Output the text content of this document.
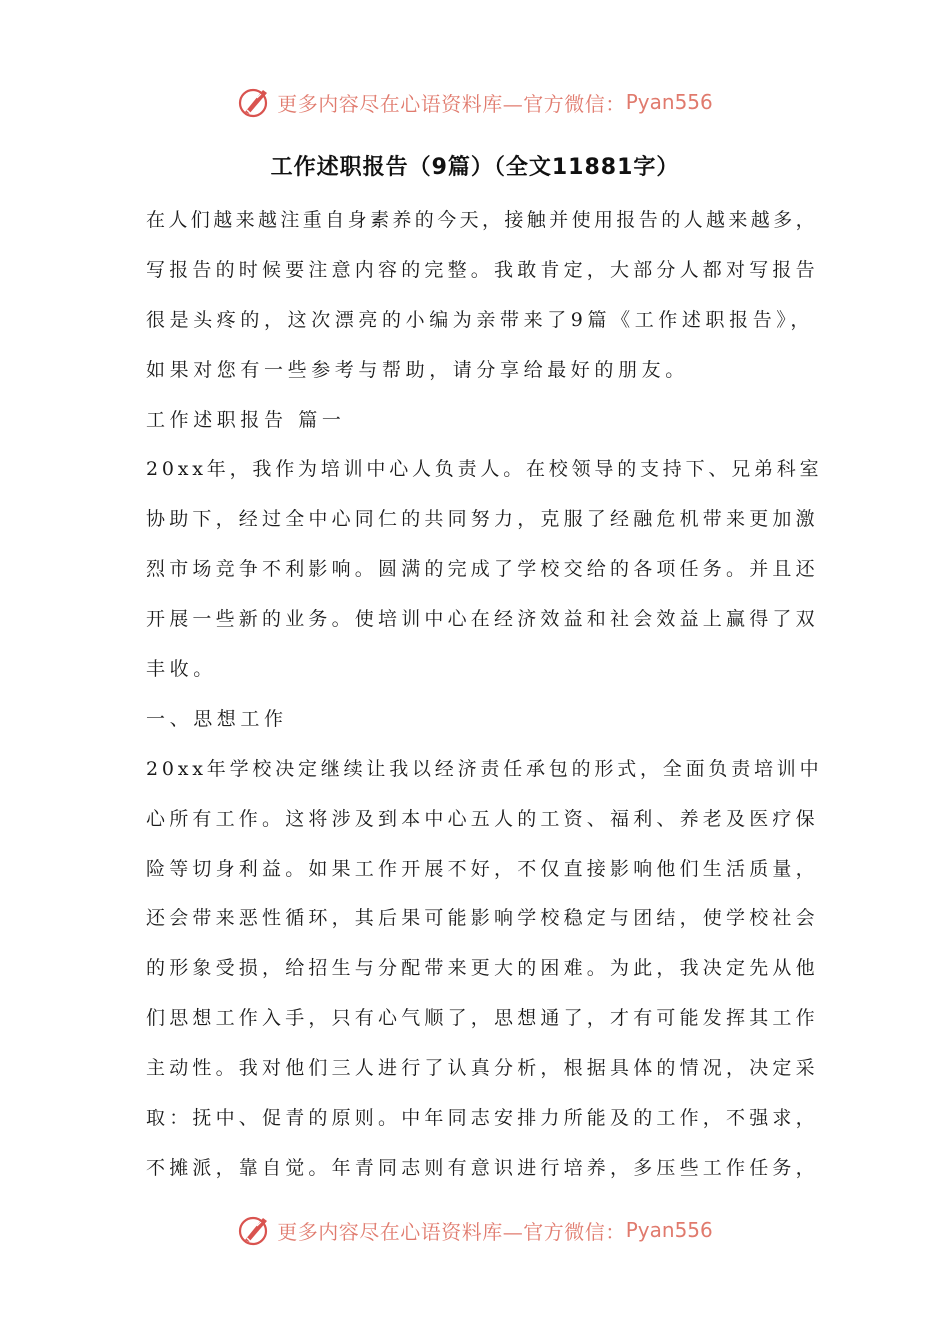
更多内容尽在心语资料库—官方微信： Pyan556
工作述职报告（9篇）（全文11881字）
在人们越来越注重自身素养的今天，接触并使用报告的人越来越多，
写报告的时候要注意内容的完整。我敢肯定，大部分人都对写报告
很是头疼的，这次漂亮的小编为亲带来了9篇《工作述职报告》，
如果对您有一些参考与帮助，请分享给最好的朋友。
工作述职报告 篇一
20xx年，我作为培训中心人负责人。在校领导的支持下、兄弟科室
协助下，经过全中心同仁的共同努力，克服了经融危机带来更加激
烈市场竞争不利影响。圆满的完成了学校交给的各项任务。并且还
开展一些新的业务。使培训中心在经济效益和社会效益上赢得了双
丰收。
一、思想工作
20xx年学校决定继续让我以经济责任承包的形式，全面负责培训中
心所有工作。这将涉及到本中心五人的工资、福利、养老及医疗保
险等切身利益。如果工作开展不好，不仅直接影响他们生活质量，
还会带来恶性循环，其后果可能影响学校稳定与团结，使学校社会
的形象受损，给招生与分配带来更大的困难。为此，我决定先从他
们思想工作入手，只有心气顺了，思想通了，才有可能发挥其工作
主动性。我对他们三人进行了认真分析，根据具体的情况，决定采
取：抚中、促青的原则。中年同志安排力所能及的工作，不强求，
不摊派，靠自觉。年青同志则有意识进行培养，多压些工作任务，
更多内容尽在心语资料库—官方微信： Pyan556
